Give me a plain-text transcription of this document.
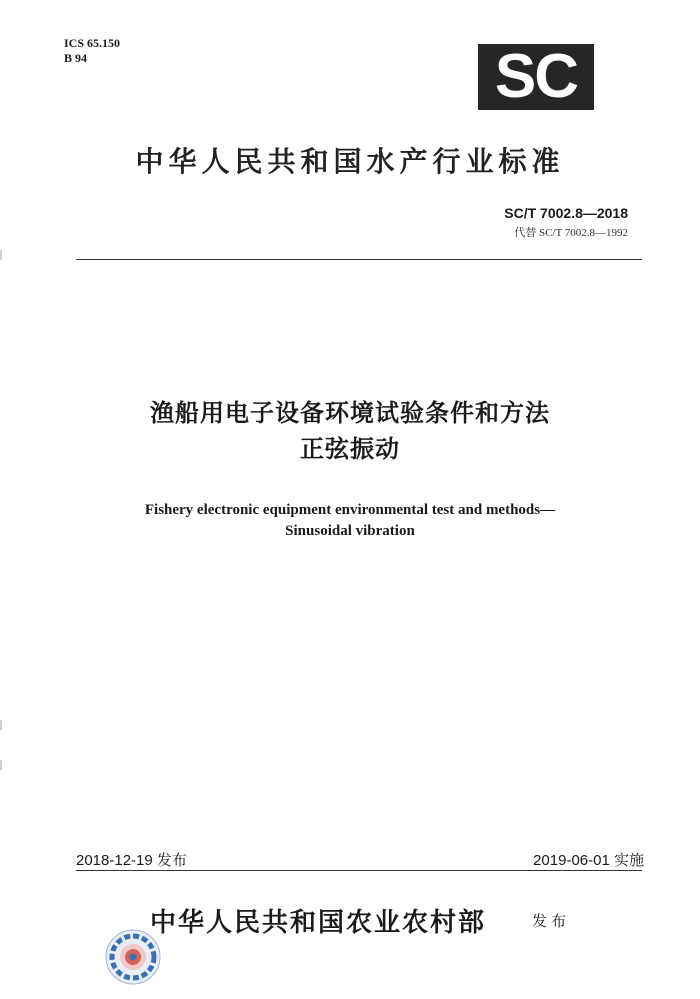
ICS 65.150
B 94	SC
中华人民共和国水产行业标准
SC/T 7002.8—2018
代替 SC/T 7002.8—1992
渔船用电子设备环境试验条件和方法
正弦振动
Fishery electronic equipment environmental test and methods—
Sinusoidal vibration
2018-12-19 发布	2019-06-01 实施
中华人民共和国农业农村部	发布
